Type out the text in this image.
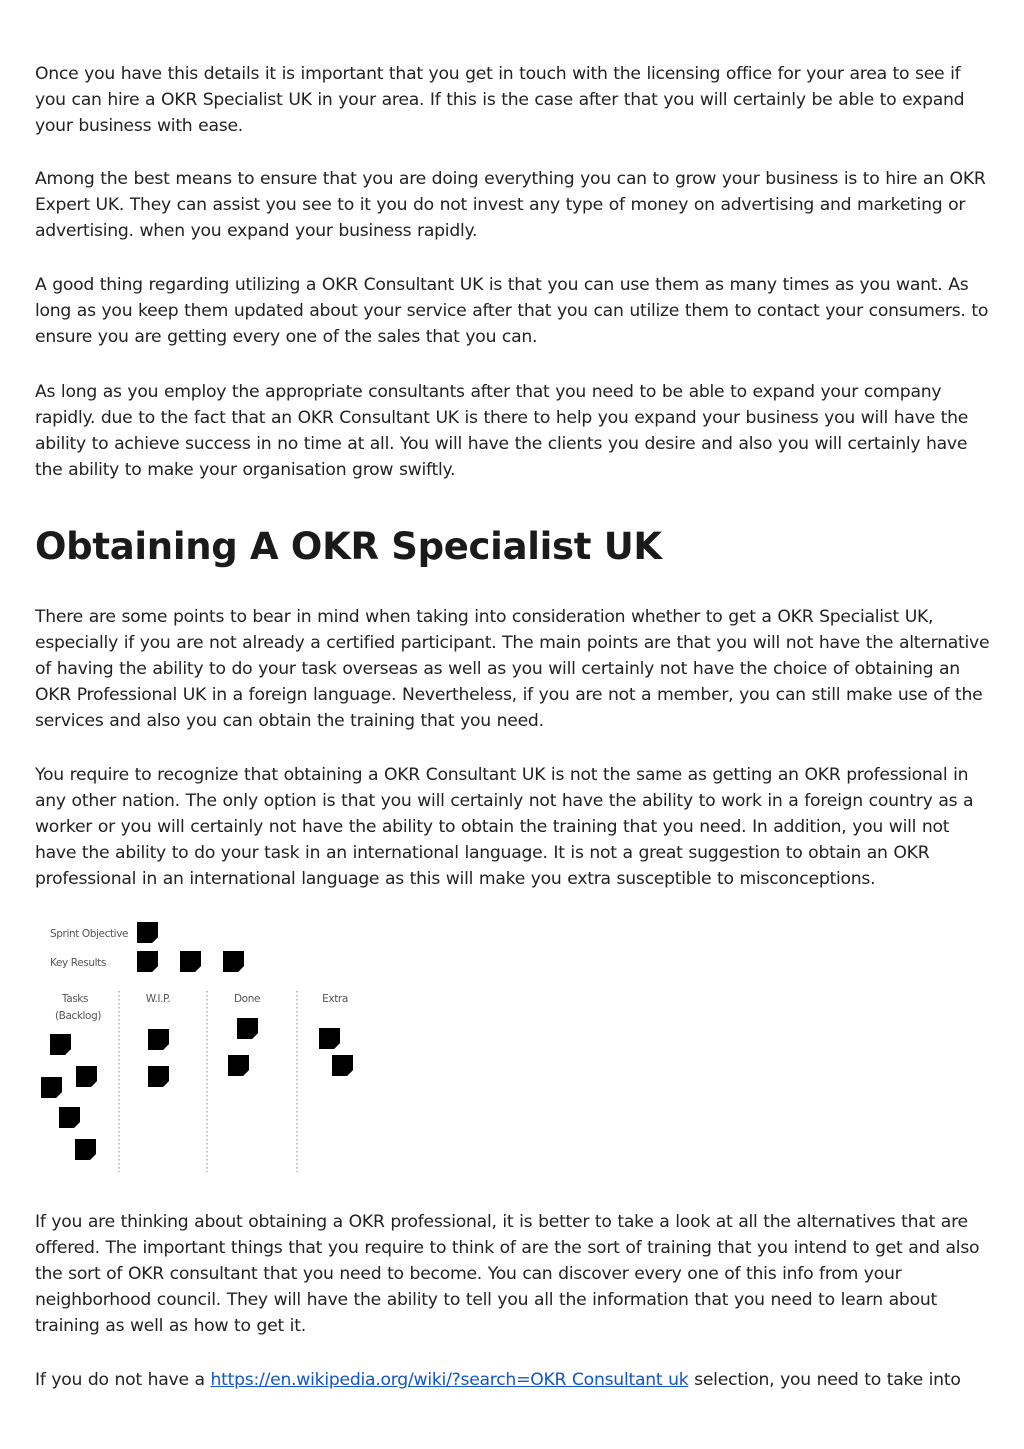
Once you have this details it is important that you get in touch with the licensing office for your area to see if you can hire a OKR Specialist UK in your area. If this is the case after that you will certainly be able to expand your business with ease.

Among the best means to ensure that you are doing everything you can to grow your business is to hire an OKR Expert UK. They can assist you see to it you do not invest any type of money on advertising and marketing or advertising. when you expand your business rapidly.

A good thing regarding utilizing a OKR Consultant UK is that you can use them as many times as you want. As long as you keep them updated about your service after that you can utilize them to contact your consumers. to ensure you are getting every one of the sales that you can.

As long as you employ the appropriate consultants after that you need to be able to expand your company rapidly. due to the fact that an OKR Consultant UK is there to help you expand your business you will have the ability to achieve success in no time at all. You will have the clients you desire and also you will certainly have the ability to make your organisation grow swiftly.

Obtaining A OKR Specialist UK

There are some points to bear in mind when taking into consideration whether to get a OKR Specialist UK, especially if you are not already a certified participant. The main points are that you will not have the alternative of having the ability to do your task overseas as well as you will certainly not have the choice of obtaining an OKR Professional UK in a foreign language. Nevertheless, if you are not a member, you can still make use of the services and also you can obtain the training that you need.

You require to recognize that obtaining a OKR Consultant UK is not the same as getting an OKR professional in any other nation. The only option is that you will certainly not have the ability to work in a foreign country as a worker or you will certainly not have the ability to obtain the training that you need. In addition, you will not have the ability to do your task in an international language. It is not a great suggestion to obtain an OKR professional in an international language as this will make you extra susceptible to misconceptions.

Sprint Objective
Key Results
Tasks
(Backlog)
W.I.P.	Done	Extra

If you are thinking about obtaining a OKR professional, it is better to take a look at all the alternatives that are offered. The important things that you require to think of are the sort of training that you intend to get and also the sort of OKR consultant that you need to become. You can discover every one of this info from your neighborhood council. They will have the ability to tell you all the information that you need to learn about training as well as how to get it.

If you do not have a https://en.wikipedia.org/wiki/?search=OKR Consultant uk selection, you need to take into
